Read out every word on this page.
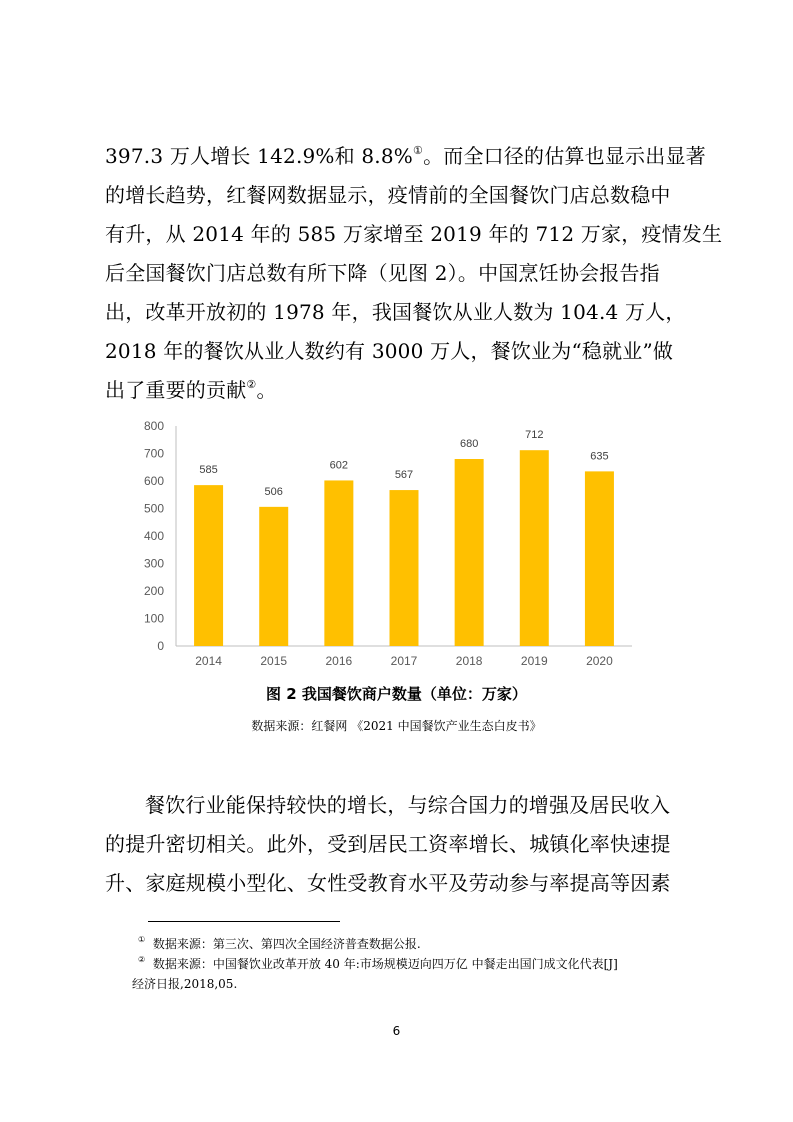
397.3 万人增长 142.9%和 8.8%①。而全口径的估算也显示出显著
的增长趋势，红餐网数据显示，疫情前的全国餐饮门店总数稳中
有升，从 2014 年的 585 万家增至 2019 年的 712 万家，疫情发生
后全国餐饮门店总数有所下降（见图 2）。中国烹饪协会报告指
出，改革开放初的 1978 年，我国餐饮从业人数为 104.4 万人，
2018 年的餐饮从业人数约有 3000 万人，餐饮业为“稳就业”做
出了重要的贡献②。
0
100
200
300
400
500
600
700
800
585
2014
506
2015
602
2016
567
2017
680
2018
712
2019
635
2020
图 2 我国餐饮商户数量（单位：万家）
数据来源：红餐网 《2021 中国餐饮产业生态白皮书》
餐饮行业能保持较快的增长，与综合国力的增强及居民收入
的提升密切相关。此外，受到居民工资率增长、城镇化率快速提
升、家庭规模小型化、女性受教育水平及劳动参与率提高等因素
① 数据来源：第三次、第四次全国经济普查数据公报.
② 数据来源：中国餐饮业改革开放 40 年:市场规模迈向四万亿 中餐走出国门成文化代表[J]
经济日报,2018,05.
6
